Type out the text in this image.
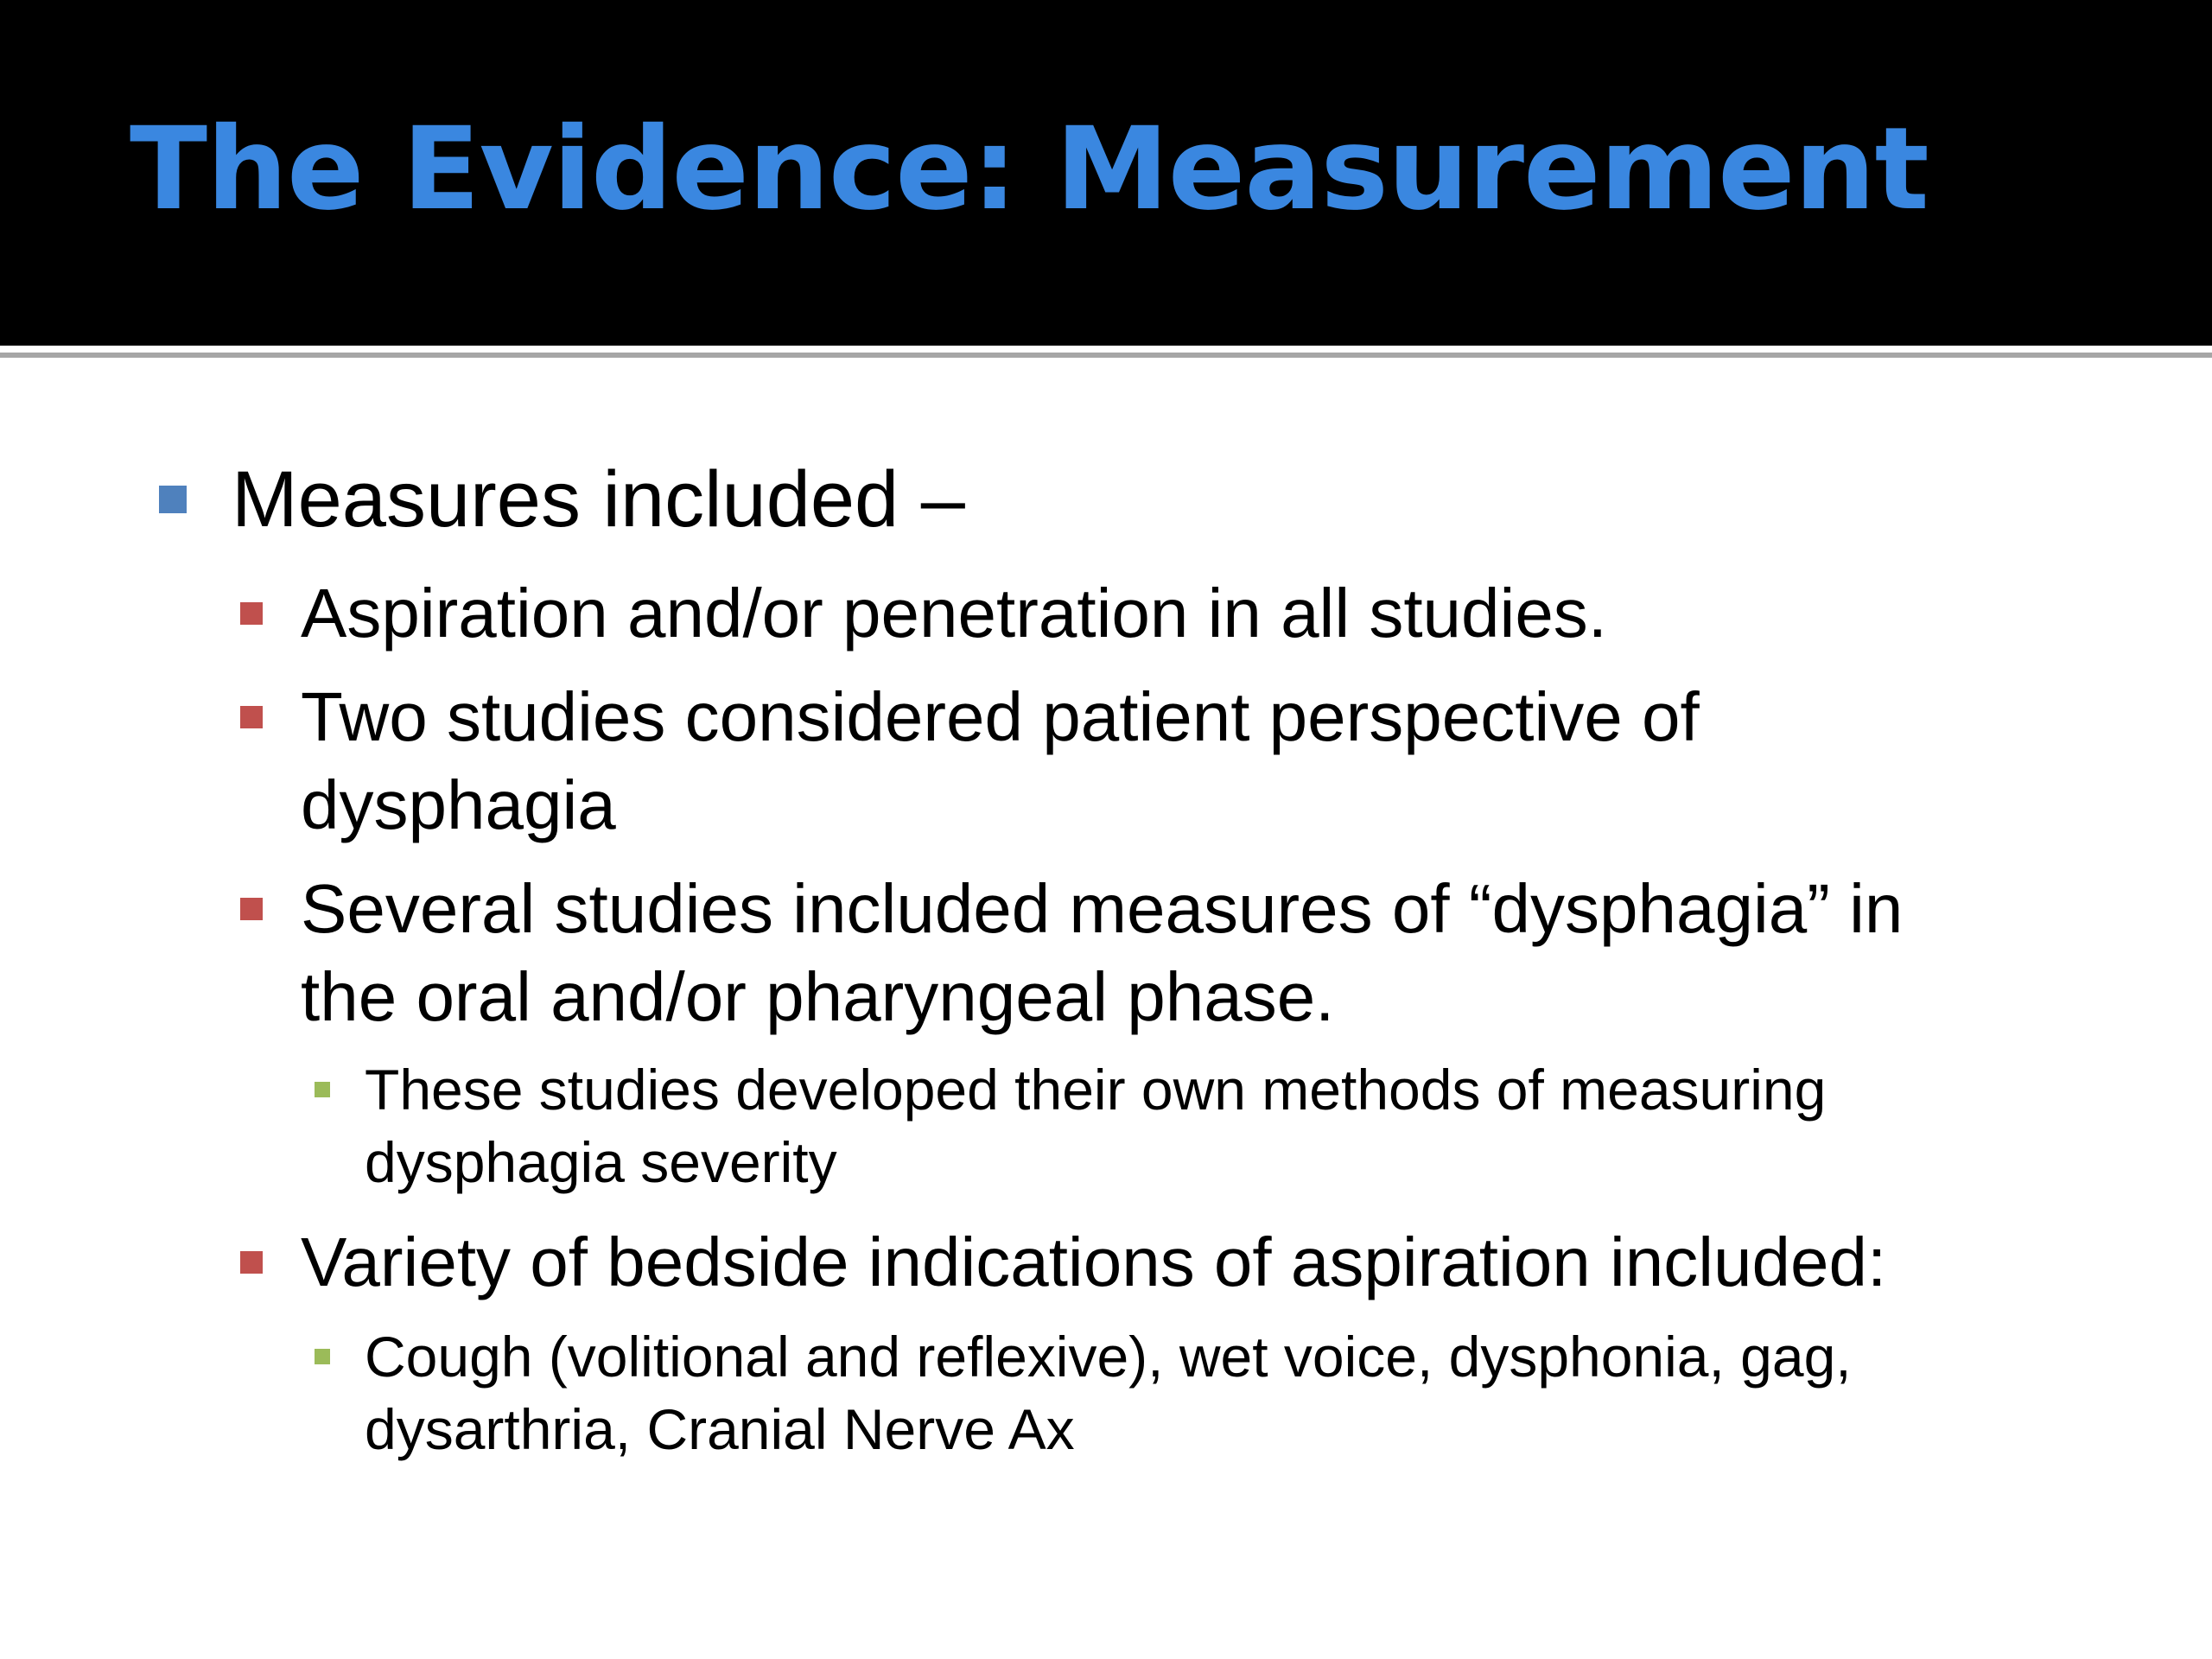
The Evidence: Measurement
Measures included –
Aspiration and/or penetration in all studies.
Two studies considered patient perspective of
dysphagia
Several studies included measures of “dysphagia” in
the oral and/or pharyngeal phase.
These studies developed their own methods of measuring
dysphagia severity
Variety of bedside indications of aspiration included:
Cough (volitional and reflexive), wet voice, dysphonia, gag,
dysarthria, Cranial Nerve Ax
